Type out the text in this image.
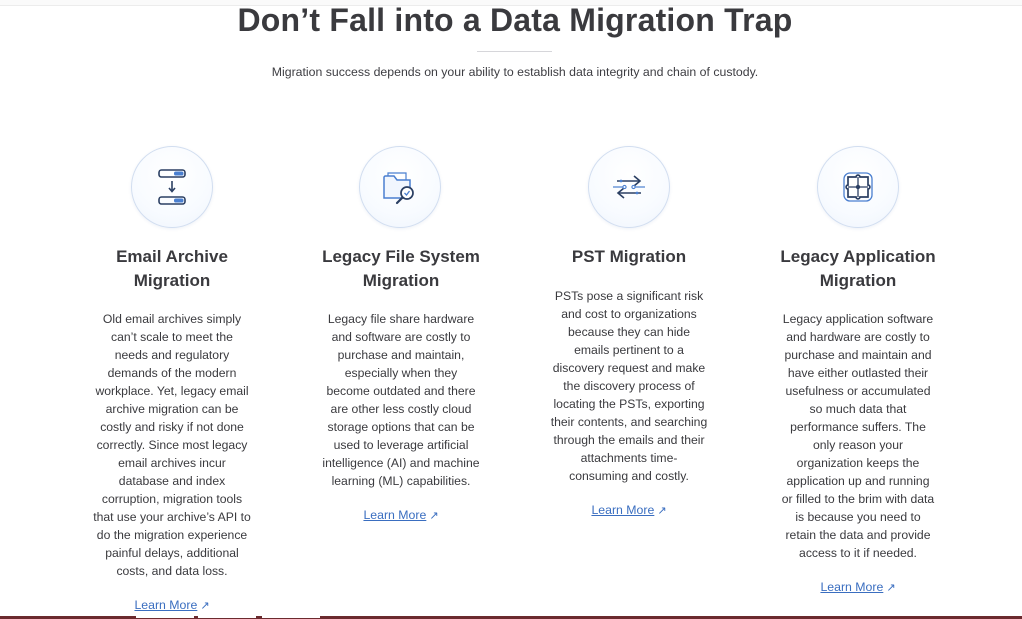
Don’t Fall into a Data Migration Trap
Migration success depends on your ability to establish data integrity and chain of custody.
Email Archive
Migration
Old email archives simply
can’t scale to meet the
needs and regulatory
demands of the modern
workplace. Yet, legacy email
archive migration can be
costly and risky if not done
correctly. Since most legacy
email archives incur
database and index
corruption, migration tools
that use your archive’s API to
do the migration experience
painful delays, additional
costs, and data loss.
Learn More ↗
Legacy File System
Migration
Legacy file share hardware
and software are costly to
purchase and maintain,
especially when they
become outdated and there
are other less costly cloud
storage options that can be
used to leverage artificial
intelligence (AI) and machine
learning (ML) capabilities.
Learn More ↗
PST Migration
PSTs pose a significant risk
and cost to organizations
because they can hide
emails pertinent to a
discovery request and make
the discovery process of
locating the PSTs, exporting
their contents, and searching
through the emails and their
attachments time-
consuming and costly.
Learn More ↗
Legacy Application
Migration
Legacy application software
and hardware are costly to
purchase and maintain and
have either outlasted their
usefulness or accumulated
so much data that
performance suffers. The
only reason your
organization keeps the
application up and running
or filled to the brim with data
is because you need to
retain the data and provide
access to it if needed.
Learn More ↗
